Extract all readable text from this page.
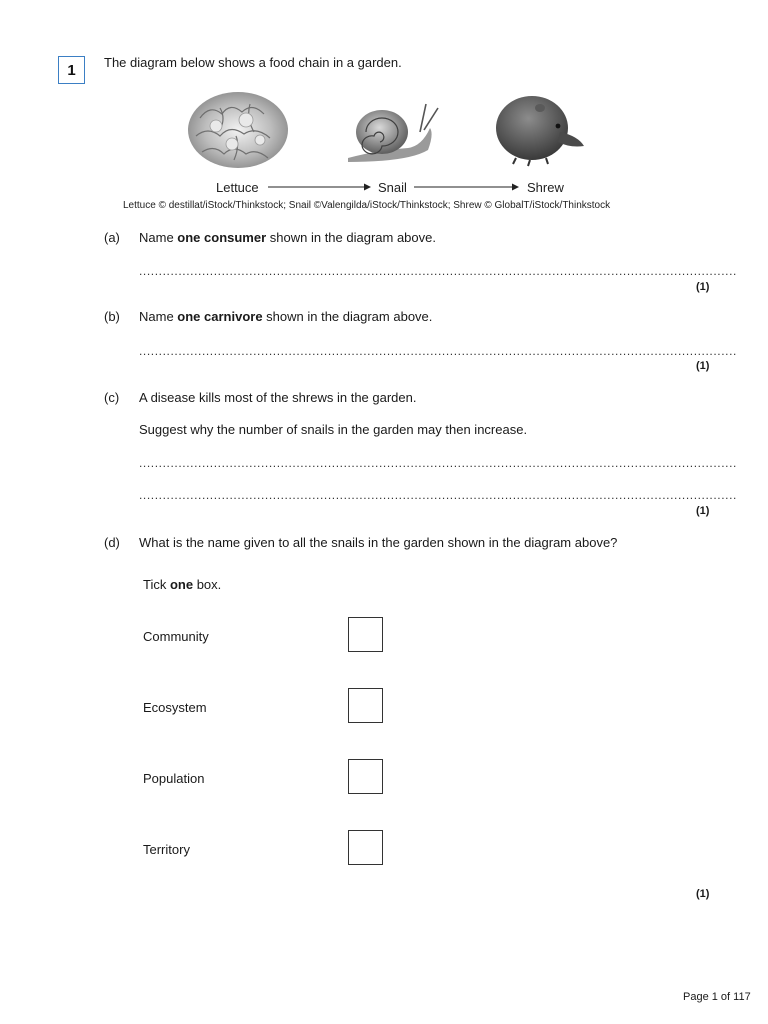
1	The diagram below shows a food chain in a garden.
Lettuce	Snail	Shrew
Lettuce © destillat/iStock/Thinkstock; Snail ©Valengilda/iStock/Thinkstock; Shrew © GlobalT/iStock/Thinkstock
(a) Name one consumer shown in the diagram above.
........................................................................................................................................................
(1)
(b) Name one carnivore shown in the diagram above.
........................................................................................................................................................
(1)
(c) A disease kills most of the shrews in the garden.
Suggest why the number of snails in the garden may then increase.
........................................................................................................................................................
........................................................................................................................................................
(1)
(d) What is the name given to all the snails in the garden shown in the diagram above?
Tick one box.
Community
Ecosystem
Population
Territory
(1)
Page 1 of 117
